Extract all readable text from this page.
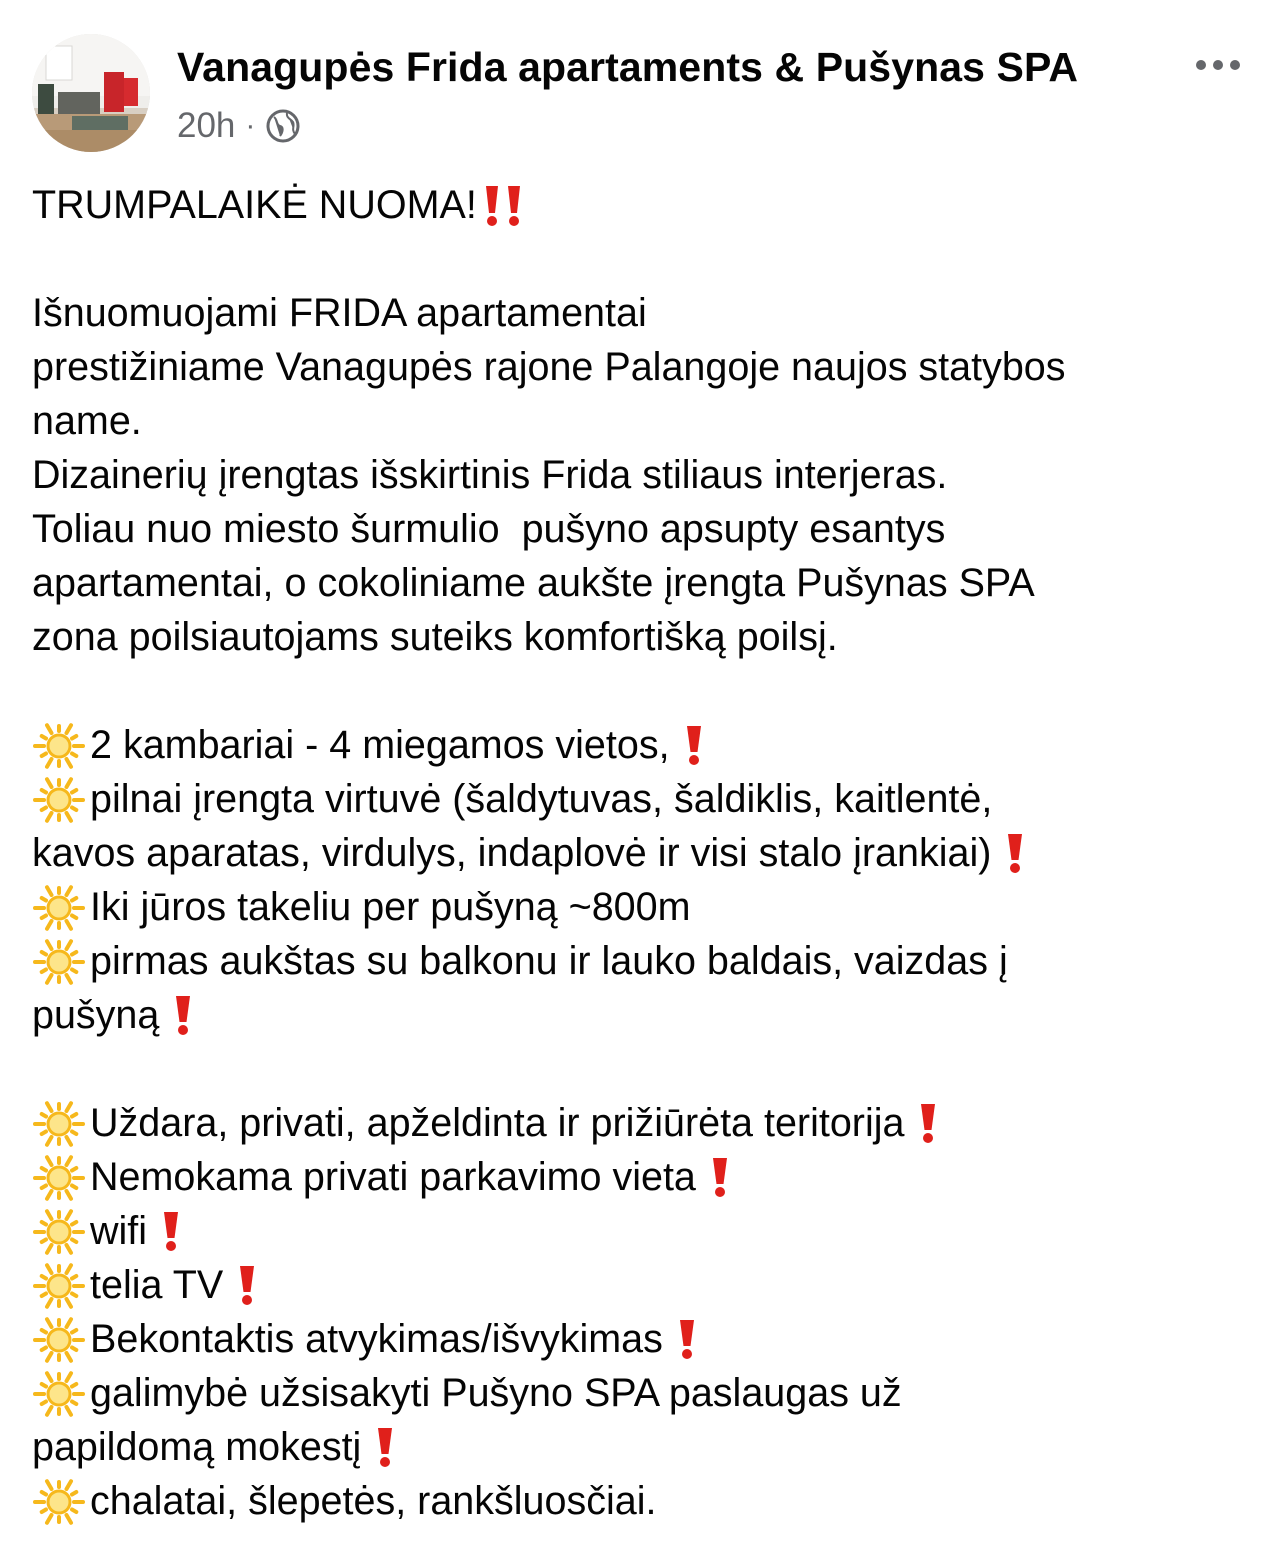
Vanagupės Frida apartaments & Pušynas SPA
20h ·
TRUMPALAIKĖ NUOMA!
Išnuomuojami FRIDA apartamentai
prestižiniame Vanagupės rajone Palangoje naujos statybos
name.
Dizainerių įrengtas išskirtinis Frida stiliaus interjeras.
Toliau nuo miesto šurmulio  pušyno apsupty esantys
apartamentai, o cokoliniame aukšte įrengta Pušynas SPA
zona poilsiautojams suteiks komfortišką poilsį.
2 kambariai - 4 miegamos vietos,
pilnai įrengta virtuvė (šaldytuvas, šaldiklis, kaitlentė,
kavos aparatas, virdulys, indaplovė ir visi stalo įrankiai)
Iki jūros takeliu per pušyną ~800m
pirmas aukštas su balkonu ir lauko baldais, vaizdas į
pušyną
Uždara, privati, apželdinta ir prižiūrėta teritorija
Nemokama privati parkavimo vieta
wifi
telia TV
Bekontaktis atvykimas/išvykimas
galimybė užsisakyti Pušyno SPA paslaugas už
papildomą mokestį
chalatai, šlepetės, rankšluosčiai.
